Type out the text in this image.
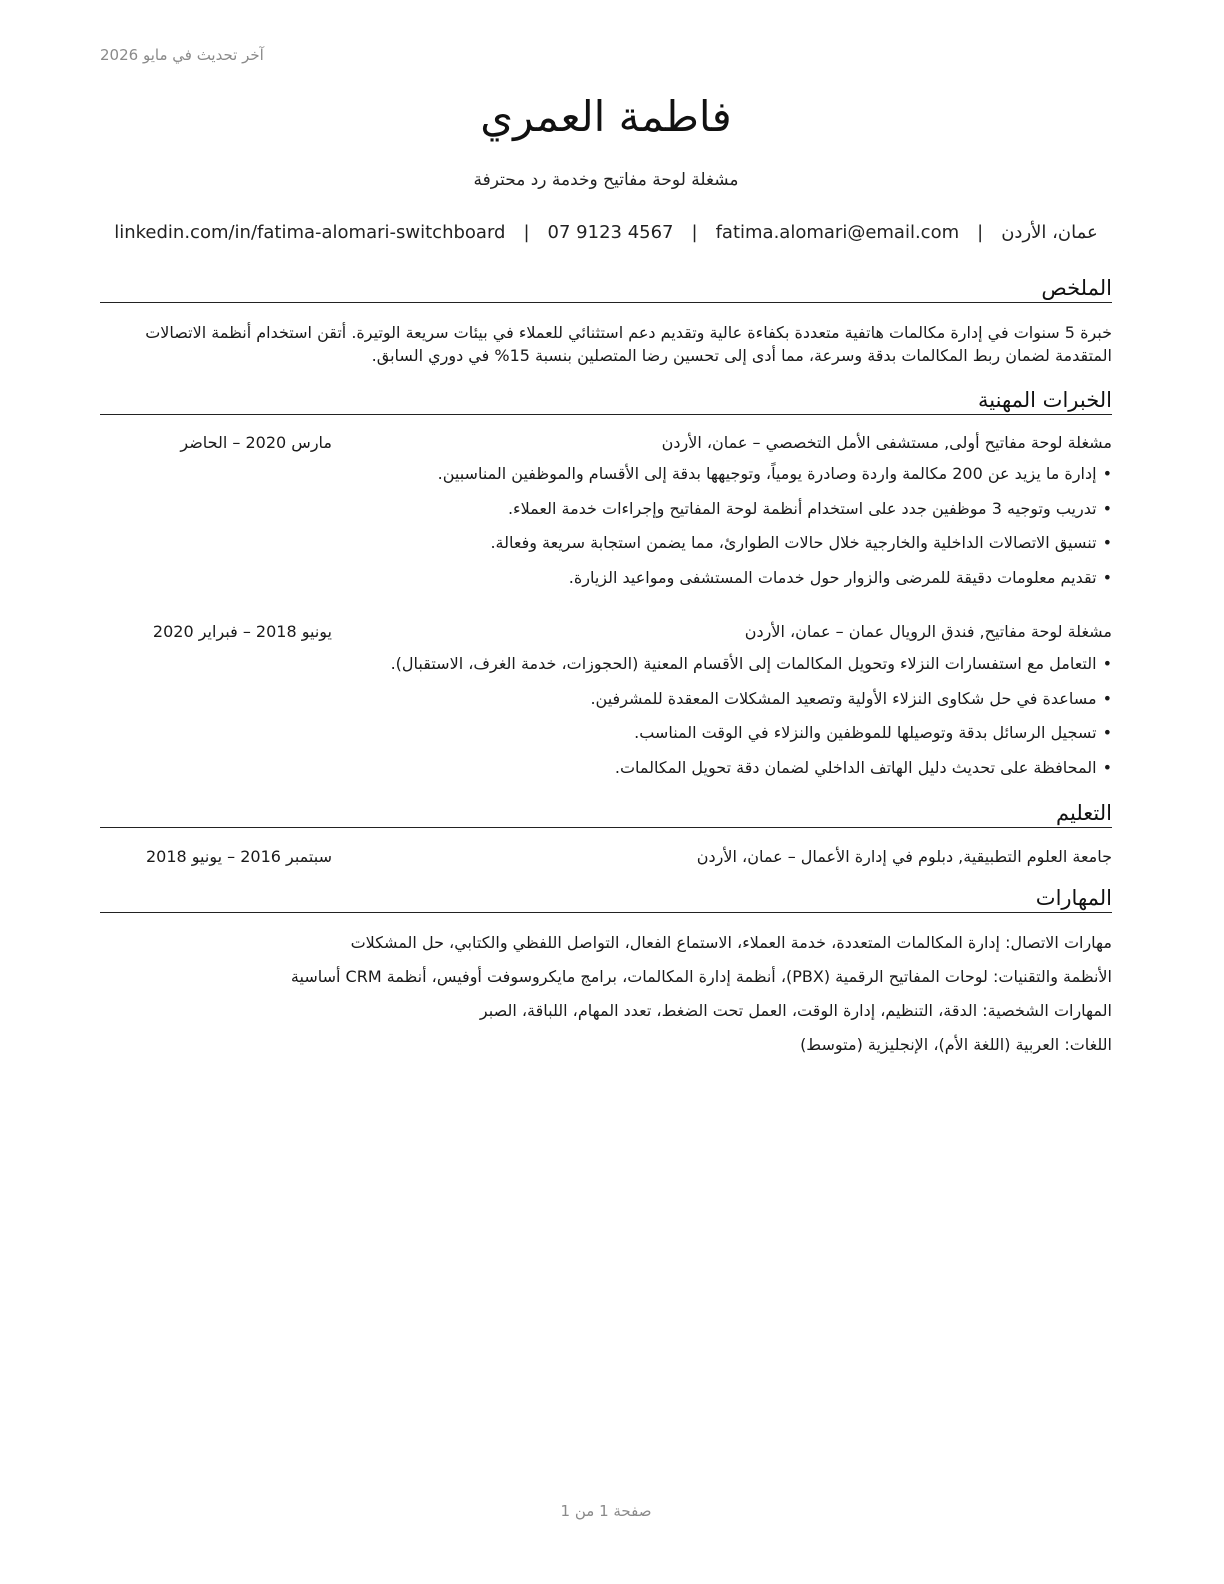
آخر تحديث في مايو 2026
فاطمة العمري
مشغلة لوحة مفاتيح وخدمة رد محترفة
عمان، الأردن
|
fatima.alomari@email.com
|
07 9123 4567
|
linkedin.com/in/fatima-alomari-switchboard
الملخص
خبرة 5 سنوات في إدارة مكالمات هاتفية متعددة بكفاءة عالية وتقديم دعم استثنائي للعملاء في بيئات سريعة الوتيرة. أتقن استخدام أنظمة الاتصالات المتقدمة لضمان ربط المكالمات بدقة وسرعة، مما أدى إلى تحسين رضا المتصلين بنسبة 15% في دوري السابق.
الخبرات المهنية
مشغلة لوحة مفاتيح أولى, مستشفى الأمل التخصصي – عمان، الأردن
مارس 2020 – الحاضر
•إدارة ما يزيد عن 200 مكالمة واردة وصادرة يومياً، وتوجيهها بدقة إلى الأقسام والموظفين المناسبين.
•تدريب وتوجيه 3 موظفين جدد على استخدام أنظمة لوحة المفاتيح وإجراءات خدمة العملاء.
•تنسيق الاتصالات الداخلية والخارجية خلال حالات الطوارئ، مما يضمن استجابة سريعة وفعالة.
•تقديم معلومات دقيقة للمرضى والزوار حول خدمات المستشفى ومواعيد الزيارة.
مشغلة لوحة مفاتيح, فندق الرويال عمان – عمان، الأردن
يونيو 2018 – فبراير 2020
•التعامل مع استفسارات النزلاء وتحويل المكالمات إلى الأقسام المعنية (الحجوزات، خدمة الغرف، الاستقبال).
•مساعدة في حل شكاوى النزلاء الأولية وتصعيد المشكلات المعقدة للمشرفين.
•تسجيل الرسائل بدقة وتوصيلها للموظفين والنزلاء في الوقت المناسب.
•المحافظة على تحديث دليل الهاتف الداخلي لضمان دقة تحويل المكالمات.
التعليم
جامعة العلوم التطبيقية, دبلوم في إدارة الأعمال – عمان، الأردن
سبتمبر 2016 – يونيو 2018
المهارات
مهارات الاتصال: إدارة المكالمات المتعددة، خدمة العملاء، الاستماع الفعال، التواصل اللفظي والكتابي، حل المشكلات
الأنظمة والتقنيات: لوحات المفاتيح الرقمية (PBX)، أنظمة إدارة المكالمات، برامج مايكروسوفت أوفيس، أنظمة CRM أساسية
المهارات الشخصية: الدقة، التنظيم، إدارة الوقت، العمل تحت الضغط، تعدد المهام، اللباقة، الصبر
اللغات: العربية (اللغة الأم)، الإنجليزية (متوسط)
صفحة 1 من 1
